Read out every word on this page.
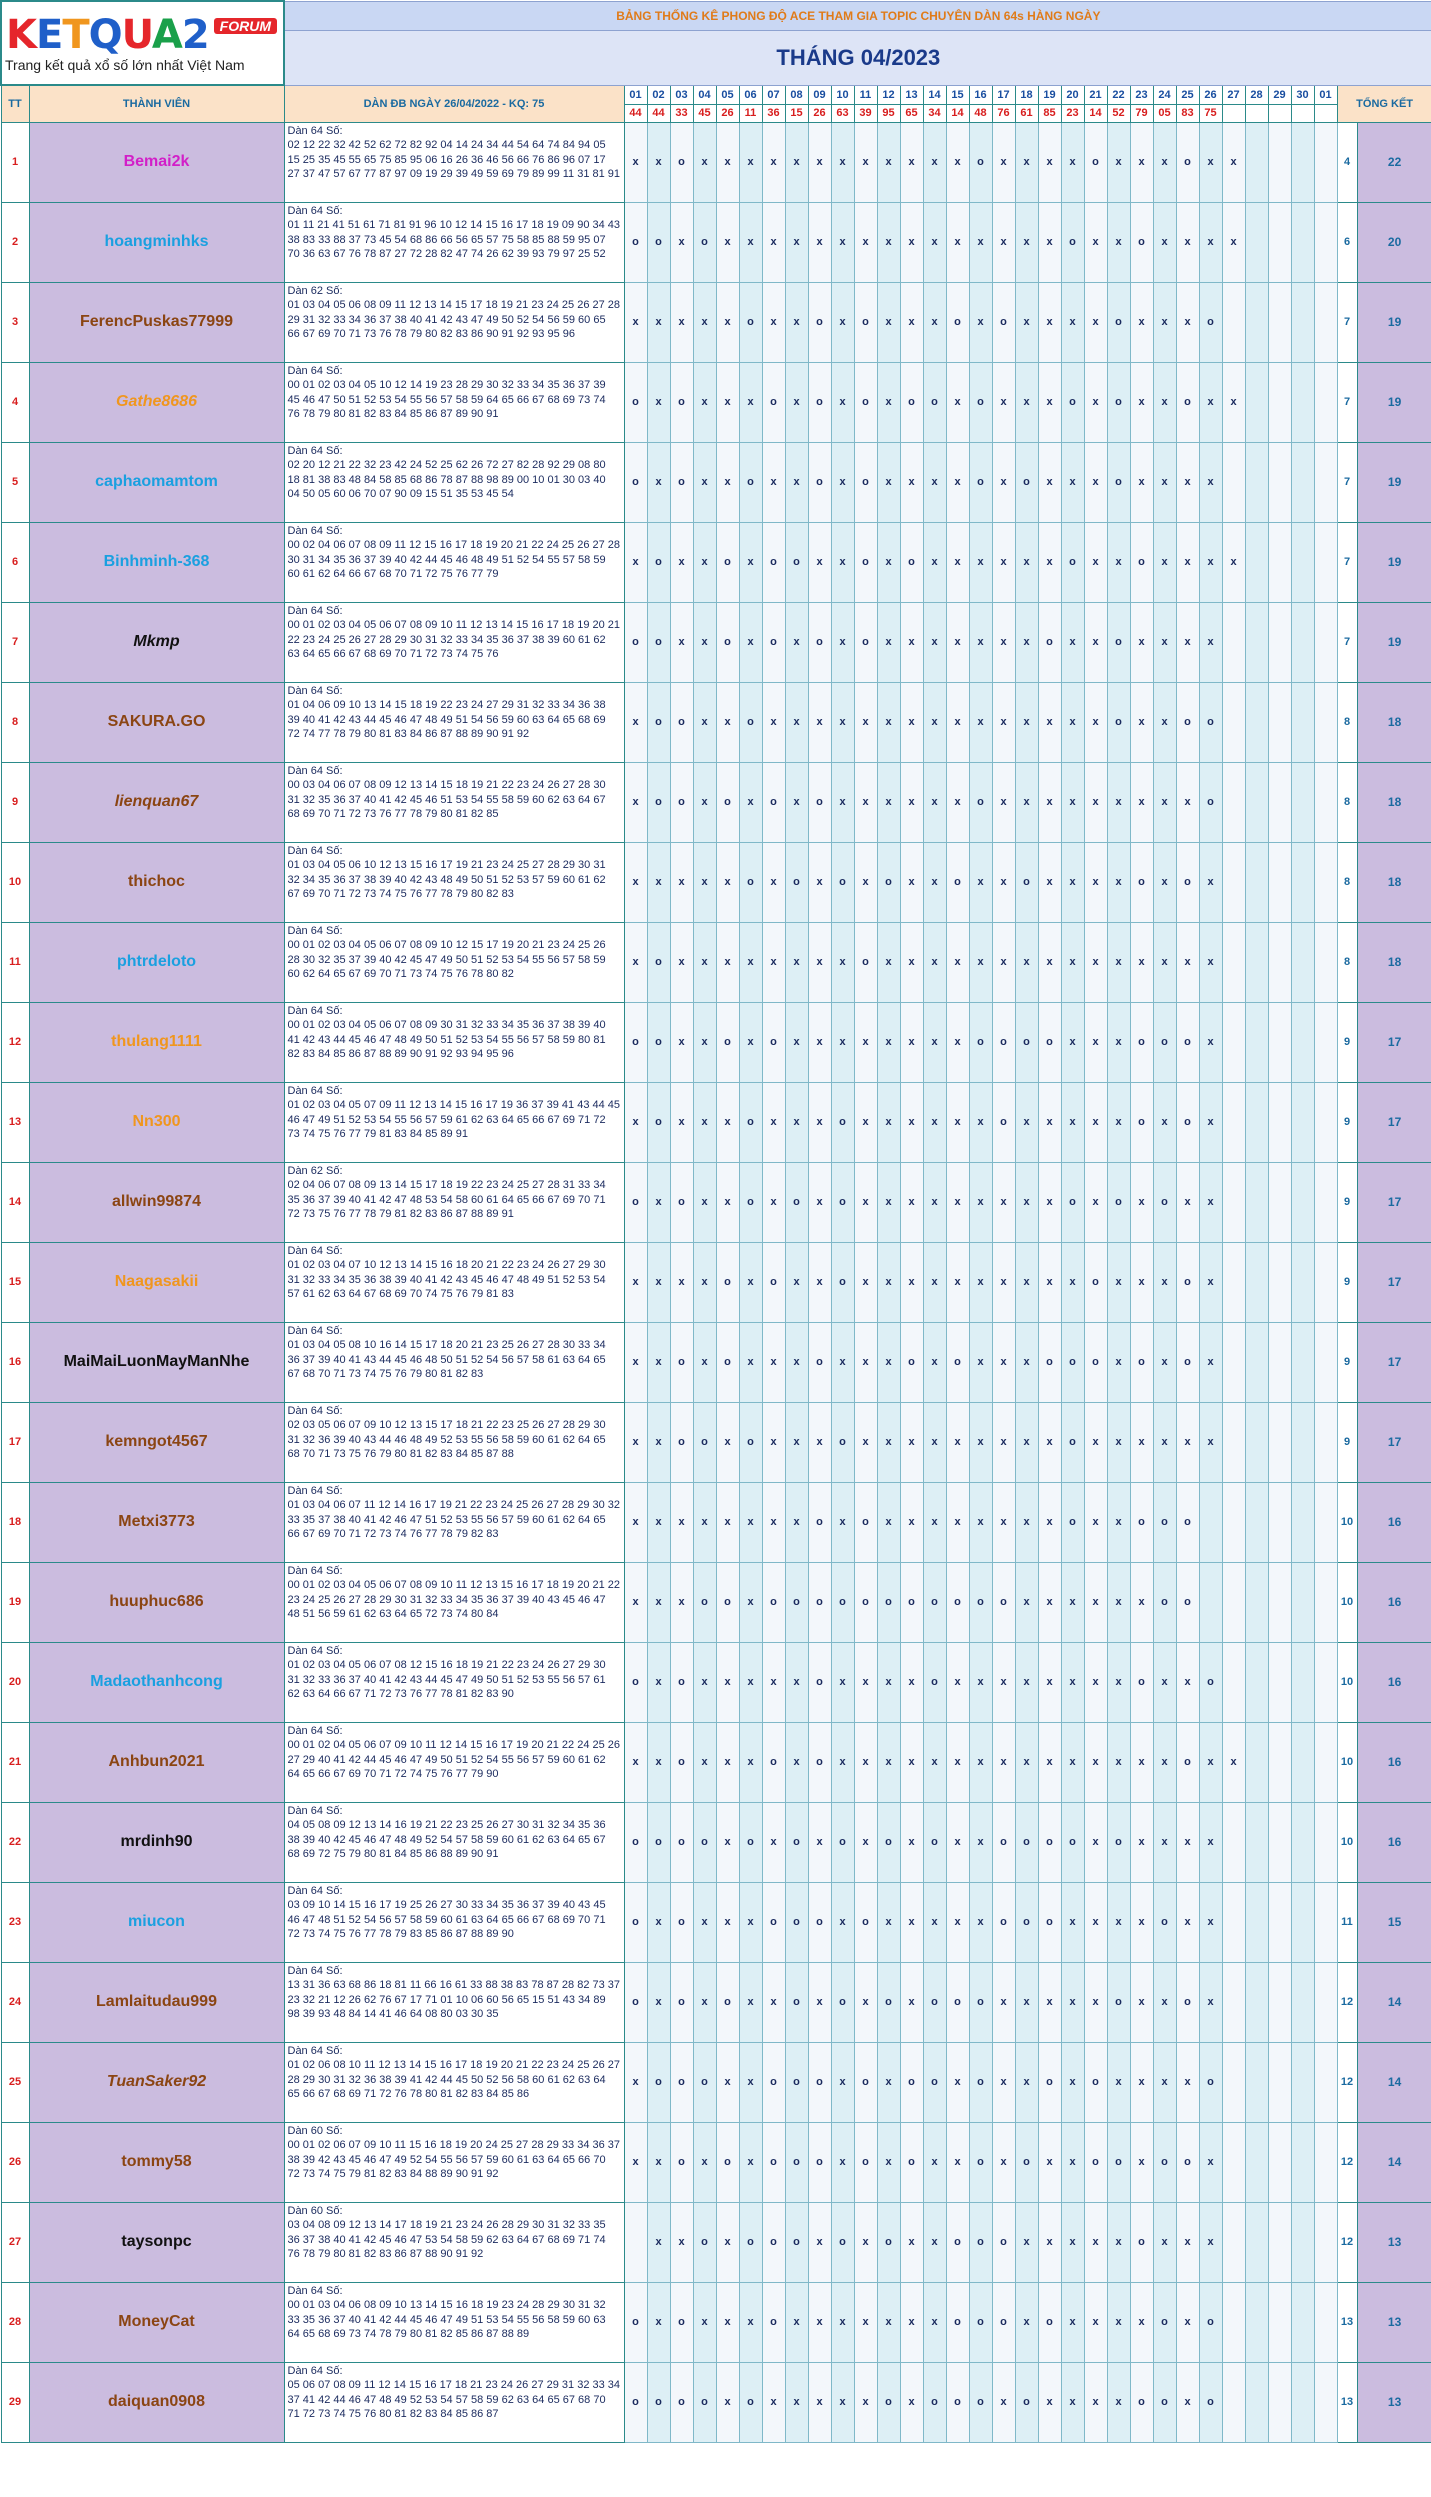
KETQUA2 FORUM
Trang kết quả xổ số lớn nhất Việt Nam		BẢNG THỐNG KÊ PHONG ĐỘ ACE THAM GIA TOPIC CHUYÊN DÀN 64s HÀNG NGÀY																																	
		THÁNG 04/2023																																	
TT	THÀNH VIÊN	DÀN ĐB NGÀY 26/04/2022 - KQ: 75	01	02	03	04	05	06	07	08	09	10	11	12	13	14	15	16	17	18	19	20	21	22	23	24	25	26	27	28	29	30	01	TỔNG KẾT	
			44	44	33	45	26	11	36	15	26	63	39	95	65	34	14	48	76	61	85	23	14	52	79	05	83	75							
1	Bemai2k	Dàn 64 Số:
02 12 22 32 42 52 62 72 82 92 04 14 24 34 44 54 64 74 84 94 05 15 25 35 45 55 65 75 85 95 06 16 26 36 46 56 66 76 86 96 07 17 27 37 47 57 67 77 87 97 09 19 29 39 49 59 69 79 89 99 11 31 81 91	x	x	o	x	x	x	x	x	x	x	x	x	x	x	x	o	x	x	x	x	o	x	x	x	o	x	x					4	22
2	hoangminhks	Dàn 64 Số:
01 11 21 41 51 61 71 81 91 96 10 12 14 15 16 17 18 19 09 90 34 43 38 83 33 88 37 73 45 54 68 86 66 56 65 57 75 58 85 88 59 95 07 70 36 63 67 76 78 87 27 72 28 82 47 74 26 62 39 93 79 97 25 52	o	o	x	o	x	x	x	x	x	x	x	x	x	x	x	x	x	x	x	o	x	x	o	x	x	x	x					6	20
3	FerencPuskas77999	Dàn 62 Số:
01 03 04 05 06 08 09 11 12 13 14 15 17 18 19 21 23 24 25 26 27 28 29 31 32 33 34 36 37 38 40 41 42 43 47 49 50 52 54 56 59 60 65 66 67 69 70 71 73 76 78 79 80 82 83 86 90 91 92 93 95 96	x	x	x	x	x	o	x	x	o	x	o	x	x	x	o	x	o	x	x	x	x	o	x	x	x	o						7	19
4	Gathe8686	Dàn 64 Số:
00 01 02 03 04 05 10 12 14 19 23 28 29 30 32 33 34 35 36 37 39 45 46 47 50 51 52 53 54 55 56 57 58 59 64 65 66 67 68 69 73 74 76 78 79 80 81 82 83 84 85 86 87 89 90 91	o	x	o	x	x	x	o	x	o	x	o	x	o	o	x	o	x	x	x	o	x	o	x	x	o	x	x					7	19
5	caphaomamtom	Dàn 64 Số:
02 20 12 21 22 32 23 42 24 52 25 62 26 72 27 82 28 92 29 08 80 18 81 38 83 48 84 58 85 68 86 78 87 88 98 89 00 10 01 30 03 40 04 50 05 60 06 70 07 90 09 15 51 35 53 45 54	o	x	o	x	x	o	x	x	o	x	o	x	x	x	x	o	x	o	x	x	x	o	x	x	x	x						7	19
6	Binhminh-368	Dàn 64 Số:
00 02 04 06 07 08 09 11 12 15 16 17 18 19 20 21 22 24 25 26 27 28 30 31 34 35 36 37 39 40 42 44 45 46 48 49 51 52 54 55 57 58 59 60 61 62 64 66 67 68 70 71 72 75 76 77 79	x	o	x	x	o	x	o	o	x	x	o	x	o	x	x	x	x	x	x	o	x	x	o	x	x	x	x					7	19
7	Mkmp	Dàn 64 Số:
00 01 02 03 04 05 06 07 08 09 10 11 12 13 14 15 16 17 18 19 20 21 22 23 24 25 26 27 28 29 30 31 32 33 34 35 36 37 38 39 60 61 62 63 64 65 66 67 68 69 70 71 72 73 74 75 76	o	o	x	x	o	x	o	x	o	x	o	x	x	x	x	x	x	x	o	x	x	o	x	x	x	x						7	19
8	SAKURA.GO	Dàn 64 Số:
01 04 06 09 10 13 14 15 18 19 22 23 24 27 29 31 32 33 34 36 38 39 40 41 42 43 44 45 46 47 48 49 51 54 56 59 60 63 64 65 68 69 72 74 77 78 79 80 81 83 84 86 87 88 89 90 91 92	x	o	o	x	x	o	x	x	x	x	x	x	x	x	x	x	x	x	x	x	x	o	x	x	o	o						8	18
9	lienquan67	Dàn 64 Số:
00 03 04 06 07 08 09 12 13 14 15 18 19 21 22 23 24 26 27 28 30 31 32 35 36 37 40 41 42 45 46 51 53 54 55 58 59 60 62 63 64 67 68 69 70 71 72 73 76 77 78 79 80 81 82 85	x	o	o	x	o	x	o	x	o	x	x	x	x	x	x	o	x	x	x	x	x	x	x	x	x	o						8	18
10	thichoc	Dàn 64 Số:
01 03 04 05 06 10 12 13 15 16 17 19 21 23 24 25 27 28 29 30 31 32 34 35 36 37 38 39 40 42 43 48 49 50 51 52 53 57 59 60 61 62 67 69 70 71 72 73 74 75 76 77 78 79 80 82 83	x	x	x	x	x	o	x	o	x	o	x	o	x	x	o	x	x	o	x	x	x	x	o	x	o	x						8	18
11	phtrdeloto	Dàn 64 Số:
00 01 02 03 04 05 06 07 08 09 10 12 15 17 19 20 21 23 24 25 26 28 30 32 35 37 39 40 42 45 47 49 50 51 52 53 54 55 56 57 58 59 60 62 64 65 67 69 70 71 73 74 75 76 78 80 82	x	o	x	x	x	x	x	x	x	x	o	x	x	x	x	x	x	x	x	x	x	x	x	x	x	x						8	18
12	thulang1111	Dàn 64 Số:
00 01 02 03 04 05 06 07 08 09 30 31 32 33 34 35 36 37 38 39 40 41 42 43 44 45 46 47 48 49 50 51 52 53 54 55 56 57 58 59 80 81 82 83 84 85 86 87 88 89 90 91 92 93 94 95 96	o	o	x	x	o	x	o	x	x	x	x	x	x	x	x	o	o	o	o	x	x	x	o	o	o	x						9	17
13	Nn300	Dàn 64 Số:
01 02 03 04 05 07 09 11 12 13 14 15 16 17 19 36 37 39 41 43 44 45 46 47 49 51 52 53 54 55 56 57 59 61 62 63 64 65 66 67 69 71 72 73 74 75 76 77 79 81 83 84 85 89 91	x	o	x	x	x	o	x	x	x	o	x	x	x	x	x	x	o	x	x	x	x	x	o	x	o	x						9	17
14	allwin99874	Dàn 62 Số:
02 04 06 07 08 09 13 14 15 17 18 19 22 23 24 25 27 28 31 33 34 35 36 37 39 40 41 42 47 48 53 54 58 60 61 64 65 66 67 69 70 71 72 73 75 76 77 78 79 81 82 83 86 87 88 89 91	o	x	o	x	x	o	x	o	x	o	x	x	x	x	x	x	x	x	x	o	x	o	x	o	x	x						9	17
15	Naagasakii	Dàn 64 Số:
01 02 03 04 07 10 12 13 14 15 16 18 20 21 22 23 24 26 27 29 30 31 32 33 34 35 36 38 39 40 41 42 43 45 46 47 48 49 51 52 53 54 57 61 62 63 64 67 68 69 70 74 75 76 79 81 83	x	x	x	x	o	x	o	x	x	o	x	x	x	x	x	x	x	x	x	x	o	x	x	x	o	x						9	17
16	MaiMaiLuonMayManNhe	Dàn 64 Số:
01 03 04 05 08 10 16 14 15 17 18 20 21 23 25 26 27 28 30 33 34 36 37 39 40 41 43 44 45 46 48 50 51 52 54 56 57 58 61 63 64 65 67 68 70 71 73 74 75 76 79 80 81 82 83	x	x	o	x	o	x	x	x	o	x	x	x	o	x	o	x	x	x	o	o	o	x	o	x	o	x						9	17
17	kemngot4567	Dàn 64 Số:
02 03 05 06 07 09 10 12 13 15 17 18 21 22 23 25 26 27 28 29 30 31 32 36 39 40 43 44 46 48 49 52 53 55 56 58 59 60 61 62 64 65 68 70 71 73 75 76 79 80 81 82 83 84 85 87 88	x	x	o	o	x	o	x	x	x	o	x	x	x	x	x	x	x	x	x	o	x	x	x	x	x	x						9	17
18	Metxi3773	Dàn 64 Số:
01 03 04 06 07 11 12 14 16 17 19 21 22 23 24 25 26 27 28 29 30 32 33 35 37 38 40 41 42 46 47 51 52 53 55 56 57 59 60 61 62 64 65 66 67 69 70 71 72 73 74 76 77 78 79 82 83	x	x	x	x	x	x	x	x	o	x	o	x	x	x	x	x	x	x	x	o	x	x	o	o	o							10	16
19	huuphuc686	Dàn 64 Số:
00 01 02 03 04 05 06 07 08 09 10 11 12 13 15 16 17 18 19 20 21 22 23 24 25 26 27 28 29 30 31 32 33 34 35 36 37 39 40 43 45 46 47 48 51 56 59 61 62 63 64 65 72 73 74 80 84	x	x	x	o	o	x	o	o	o	o	o	o	o	o	o	o	o	x	x	x	x	x	x	o	o							10	16
20	Madaothanhcong	Dàn 64 Số:
01 02 03 04 05 06 07 08 12 15 16 18 19 21 22 23 24 26 27 29 30 31 32 33 36 37 40 41 42 43 44 45 47 49 50 51 52 53 55 56 57 61 62 63 64 66 67 71 72 73 76 77 78 81 82 83 90	o	x	o	x	x	x	x	x	o	x	x	x	x	o	x	x	x	x	x	x	x	x	o	x	x	o						10	16
21	Anhbun2021	Dàn 64 Số:
00 01 02 04 05 06 07 09 10 11 12 14 15 16 17 19 20 21 22 24 25 26 27 29 40 41 42 44 45 46 47 49 50 51 52 54 55 56 57 59 60 61 62 64 65 66 67 69 70 71 72 74 75 76 77 79 90	x	x	o	x	x	x	o	x	o	x	x	x	x	x	x	x	x	x	x	x	x	x	x	x	o	x	x					10	16
22	mrdinh90	Dàn 64 Số:
04 05 08 09 12 13 14 16 19 21 22 23 25 26 27 30 31 32 34 35 36 38 39 40 42 45 46 47 48 49 52 54 57 58 59 60 61 62 63 64 65 67 68 69 72 75 79 80 81 84 85 86 88 89 90 91	o	o	o	o	x	o	x	o	x	o	x	o	x	o	x	x	o	o	o	o	x	o	x	x	x	x						10	16
23	miucon	Dàn 64 Số:
03 09 10 14 15 16 17 19 25 26 27 30 33 34 35 36 37 39 40 43 45 46 47 48 51 52 54 56 57 58 59 60 61 63 64 65 66 67 68 69 70 71 72 73 74 75 76 77 78 79 83 85 86 87 88 89 90	o	x	o	x	x	x	o	o	o	x	o	x	x	x	x	x	o	o	o	x	x	x	x	o	x	x						11	15
24	Lamlaitudau999	Dàn 64 Số:
13 31 36 63 68 86 18 81 11 66 16 61 33 88 38 83 78 87 28 82 73 37 23 32 21 12 26 62 76 67 17 71 01 10 06 60 56 65 15 51 43 34 89 98 39 93 48 84 14 41 46 64 08 80 03 30 35	o	x	o	x	o	x	x	o	x	o	x	o	x	o	o	o	x	x	x	x	x	o	x	x	o	x						12	14
25	TuanSaker92	Dàn 64 Số:
01 02 06 08 10 11 12 13 14 15 16 17 18 19 20 21 22 23 24 25 26 27 28 29 30 31 32 36 38 39 41 42 44 45 50 52 56 58 60 61 62 63 64 65 66 67 68 69 71 72 76 78 80 81 82 83 84 85 86	x	o	o	o	x	x	o	o	o	x	o	x	o	o	x	o	x	x	o	x	o	x	x	x	x	o						12	14
26	tommy58	Dàn 60 Số:
00 01 02 06 07 09 10 11 15 16 18 19 20 24 25 27 28 29 33 34 36 37 38 39 42 43 45 46 47 49 52 54 55 56 57 59 60 61 63 64 65 66 70 72 73 74 75 79 81 82 83 84 88 89 90 91 92	x	x	o	x	o	x	o	o	o	x	o	x	o	x	x	o	x	o	x	x	o	o	x	o	o	x						12	14
27	taysonpc	Dàn 60 Số:
03 04 08 09 12 13 14 17 18 19 21 23 24 26 28 29 30 31 32 33 35 36 37 38 40 41 42 45 46 47 53 54 58 59 62 63 64 67 68 69 71 74 76 78 79 80 81 82 83 86 87 88 90 91 92		x	x	o	x	o	o	o	x	o	x	o	x	x	o	o	o	x	x	x	x	x	o	x	x	x						12	13
28	MoneyCat	Dàn 64 Số:
00 01 03 04 06 08 09 10 13 14 15 16 18 19 23 24 28 29 30 31 32 33 35 36 37 40 41 42 44 45 46 47 49 51 53 54 55 56 58 59 60 63 64 65 68 69 73 74 78 79 80 81 82 85 86 87 88 89	o	x	o	x	x	x	o	x	x	x	x	x	x	x	o	o	o	x	o	x	x	x	x	o	x	o						13	13
29	daiquan0908	Dàn 64 Số:
05 06 07 08 09 11 12 14 15 16 17 18 21 23 24 26 27 29 31 32 33 34 37 41 42 44 46 47 48 49 52 53 54 57 58 59 62 63 64 65 67 68 70 71 72 73 74 75 76 80 81 82 83 84 85 86 87	o	o	o	o	x	o	x	x	x	x	x	o	x	o	o	o	x	o	x	x	x	x	o	o	x	o						13	13
